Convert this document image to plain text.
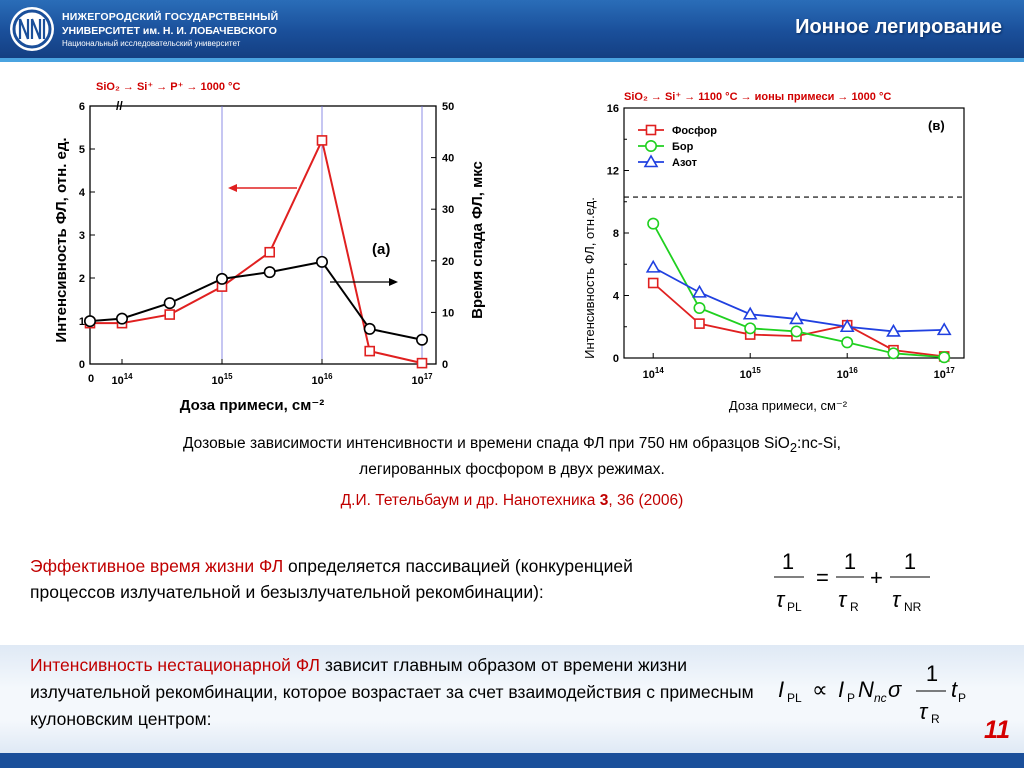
НИЖЕГОРОДСКИЙ ГОСУДАРСТВЕННЫЙ
УНИВЕРСИТЕТ им. Н. И. ЛОБАЧЕВСКОГО
Национальный исследовательский университет
Ионное легирование
0
1
2
3
4
5
6
0
10
20
30
40
50
$10^{14}$	$10^{15}$	$10^{16}$	$10^{17}$
SiO₂ → Si⁺ → P⁺ → 1000 °C
(a)
Интенсивность ФЛ, отн. ед.	Время спада ФЛ, мкс
Доза примеси, см⁻²
0
//
0
4
8
12
16
$10^{14}$	$10^{15}$	$10^{16}$	$10^{17}$
Фосфор
Бор
Азот
SiO₂ → Si⁺ → 1100 °C → ионы примеси → 1000 °C
(в)
Интенсивность ФЛ, отн.ед.
Доза примеси, см⁻²
Дозовые зависимости интенсивности и времени спада ФЛ при 750 нм образцов SiO$_2$:nc-Si,
легированных фосфором в двух режимах.
Д.И. Тетельбаум и др. Нанотехника 3, 36 (2006)
Эффективное время жизни ФЛ определяется пассивацией (конкуренцией процессов излучательной и безызлучательной рекомбинации):
1
τ PL
=
1
τ R
+
1
τ NR
Интенсивность нестационарной ФЛ зависит главным образом от времени жизни излучательной рекомбинации, которое возрастает за счет взаимодействия с примесным кулоновским центром:
I PL ∝ I P N nc σ
1
τ R
t P
11
